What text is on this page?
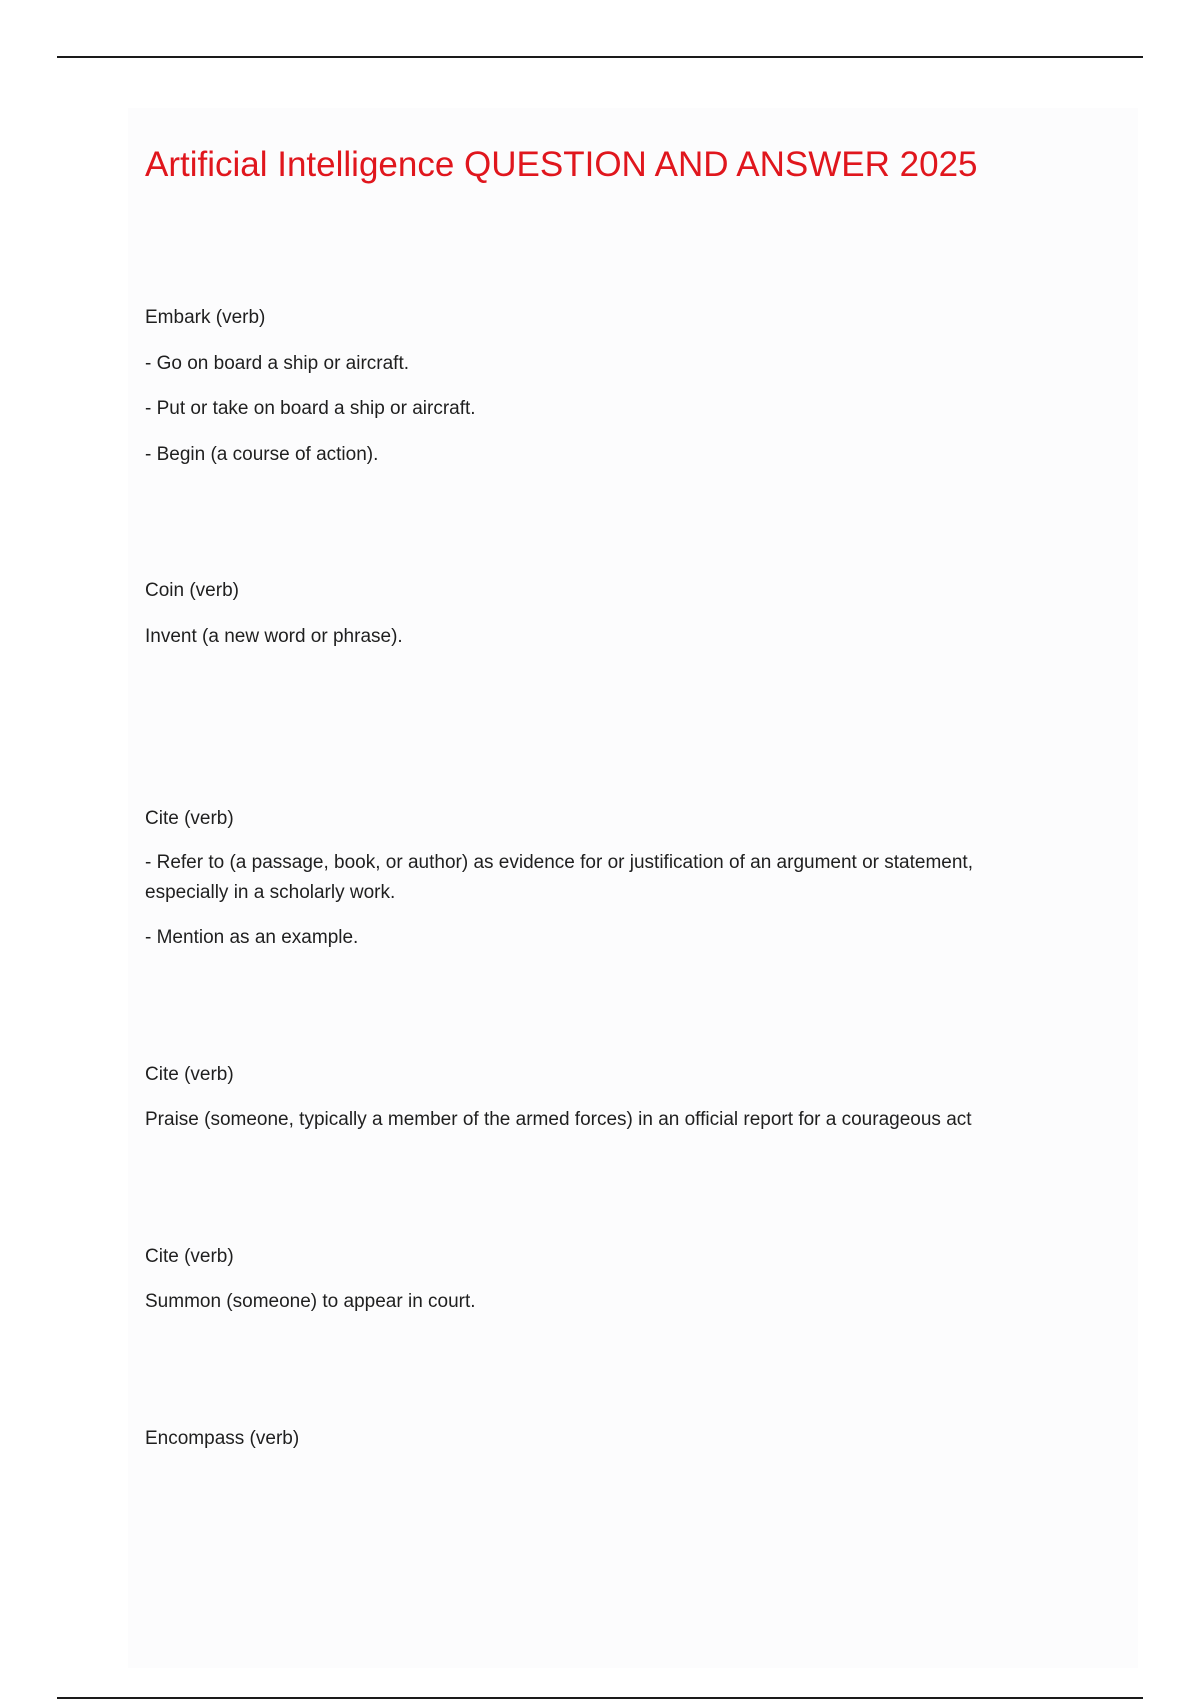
Artificial Intelligence QUESTION AND ANSWER 2025

Embark (verb)

- Go on board a ship or aircraft.

- Put or take on board a ship or aircraft.

- Begin (a course of action).

Coin (verb)

Invent (a new word or phrase).

Cite (verb)

- Refer to (a passage, book, or author) as evidence for or justification of an argument or statement, especially in a scholarly work.

- Mention as an example.

Cite (verb)

Praise (someone, typically a member of the armed forces) in an official report for a courageous act

Cite (verb)

Summon (someone) to appear in court.

Encompass (verb)
